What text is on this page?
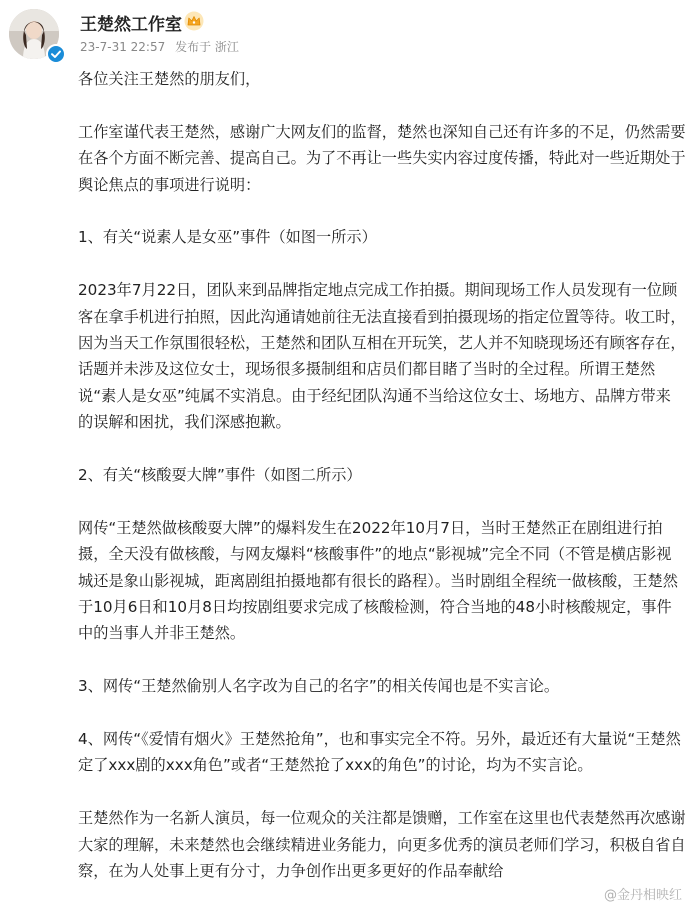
王楚然工作室
23-7-31 22:57 发布于 浙江

各位关注王楚然的朋友们，

工作室谨代表王楚然，感谢广大网友们的监督，楚然也深知自己还有许多的不足，仍然需要在各个方面不断完善、提高自己。为了不再让一些失实内容过度传播，特此对一些近期处于舆论焦点的事项进行说明：

1、有关“说素人是女巫”事件（如图一所示）

2023年7月22日，团队来到品牌指定地点完成工作拍摄。期间现场工作人员发现有一位顾客在拿手机进行拍照，因此沟通请她前往无法直接看到拍摄现场的指定位置等待。收工时，因为当天工作氛围很轻松，王楚然和团队互相在开玩笑，艺人并不知晓现场还有顾客存在，话题并未涉及这位女士，现场很多摄制组和店员们都目睹了当时的全过程。所谓王楚然说“素人是女巫”纯属不实消息。由于经纪团队沟通不当给这位女士、场地方、品牌方带来的误解和困扰，我们深感抱歉。

2、有关“核酸耍大牌”事件（如图二所示）

网传“王楚然做核酸耍大牌”的爆料发生在2022年10月7日，当时王楚然正在剧组进行拍摄，全天没有做核酸，与网友爆料“核酸事件”的地点“影视城”完全不同（不管是横店影视城还是象山影视城，距离剧组拍摄地都有很长的路程）。当时剧组全程统一做核酸，王楚然于10月6日和10月8日均按剧组要求完成了核酸检测，符合当地的48小时核酸规定，事件中的当事人并非王楚然。

3、网传“王楚然偷别人名字改为自己的名字”的相关传闻也是不实言论。

4、网传“《爱情有烟火》王楚然抢角”，也和事实完全不符。另外，最近还有大量说“王楚然定了xxx剧的xxx角色”或者“王楚然抢了xxx的角色”的讨论，均为不实言论。

王楚然作为一名新人演员，每一位观众的关注都是馈赠，工作室在这里也代表楚然再次感谢大家的理解，未来楚然也会继续精进业务能力，向更多优秀的演员老师们学习，积极自省自察，在为人处事上更有分寸，力争创作出更多更好的作品奉献给

@金丹相映红
